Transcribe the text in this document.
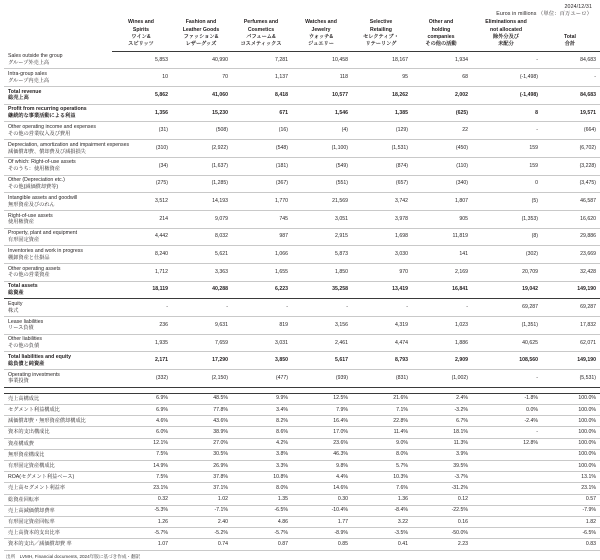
2024/12/31
Euros in millions （単位：百万ユーロ）
	Wines and
Spirits
ワイン&
スピリッツ	Fashion and
Leather Goods
ファッション&
レザーグッズ	Perfumes and
Cosmetics
パフューム&
コスメティックス	Watches and
Jewelry
ウォッチ&
ジュエリー	Selective
Retailing
セレクティブ・
リテーリング	Other and
holding
companies
その他の活動	Eliminations and
not allocated
除外分及び
未配分	Total
合計

Sales outside the group
グループ外売上高	5,853	40,990	7,281	10,458	18,167	1,934	-	84,683

Intra-group sales
グループ内売上高	10	70	1,137	118	95	68	(-1,498)	-

Total revenue
総売上高	5,862	41,060	8,418	10,577	18,262	2,002	(-1,498)	84,683

Profit from recurring operations
継続的な事業活動による利益	1,356	15,230	671	1,546	1,385	(625)	8	19,571

Other operating income and expenses
その他の営業収入及び費用	(31)	(508)	(16)	(4)	(129)	22	-	(664)

Depreciation, amortization and impairment expenses
減価償却費、償却費及び減損損失	(310)	(2,922)	(548)	(1,100)	(1,531)	(450)	159	(6,702)

Of which: Right-of-use assets
そのうち：使用権資産	(34)	(1,637)	(181)	(549)	(874)	(110)	159	(3,228)

Other (Depreciation etc.)
その他(減価償却費等)	(275)	(1,285)	(367)	(551)	(657)	(340)	0	(3,475)

Intangible assets and goodwill
無形資産及びのれん	3,512	14,193	1,770	21,569	3,742	1,807	(5)	46,587

Right-of-use assets
使用権資産	214	9,079	745	3,051	3,978	905	(1,353)	16,620

Property, plant and equipment
有形固定資産	4,442	8,032	987	2,915	1,698	11,819	(8)	29,886

Inventories and work in progress
棚卸資産と仕掛品	8,240	5,621	1,066	5,873	3,030	141	(302)	23,669

Other operating assets
その他の営業資産	1,712	3,363	1,655	1,850	970	2,169	20,709	32,428

Total assets
総資産	18,119	40,288	6,223	35,258	13,419	16,841	19,042	149,190

Equity
株式	-	-	-	-	-	-	69,287	69,287

Lease liabilities
リース負債	236	9,631	819	3,156	4,319	1,023	(1,351)	17,832

Other liabilities
その他の負債	1,935	7,659	3,031	2,461	4,474	1,886	40,625	62,071

Total liabilities and equity
総負債と純資産	2,171	17,290	3,850	5,617	8,793	2,909	108,560	149,190

Operating investments
事業投資	(332)	(2,150)	(477)	(939)	(831)	(1,002)	-	(5,531)

売上高構成比	6.9%	48.5%	9.9%	12.5%	21.6%	2.4%	-1.8%	100.0%
セグメント利益構成比	6.9%	77.8%	3.4%	7.9%	7.1%	-3.2%	0.0%	100.0%
減価償却費・無形資産償却構成比	4.6%	43.6%	8.2%	16.4%	22.8%	6.7%	-2.4%	100.0%
資本的支出構成比	6.0%	38.9%	8.6%	17.0%	11.4%	18.1%	-	100.0%
資産構成費	12.1%	27.0%	4.2%	23.6%	9.0%	11.3%	12.8%	100.0%
無形資産構成比	7.5%	30.5%	3.8%	46.3%	8.0%	3.9%		100.0%
有形固定資産構成比	14.9%	26.9%	3.3%	9.8%	5.7%	39.5%		100.0%
ROA(セグメント利益ベース)	7.5%	37.8%	10.8%	4.4%	10.3%	-3.7%		13.1%
売上高セグメント利益率	23.1%	37.1%	8.0%	14.6%	7.6%	-31.2%		23.1%
総資産回転率	0.32	1.02	1.35	0.30	1.36	0.12		0.57
売上高減価償却費率	-5.3%	-7.1%	-6.5%	-10.4%	-8.4%	-22.5%		-7.9%
有形固定資産回転率	1.26	2.40	4.86	1.77	3.22	0.16		1.82
売上高資本的支出比率	-5.7%	-5.2%	-5.7%	-8.9%	-3.5%	-50.0%		-6.5%
資本的支出／減価償却費 率	1.07	0.74	0.87	0.85	0.41	2.23		0.83
出所　LVMH, Financial documents, 2024年版に基づき作成・翻訳
